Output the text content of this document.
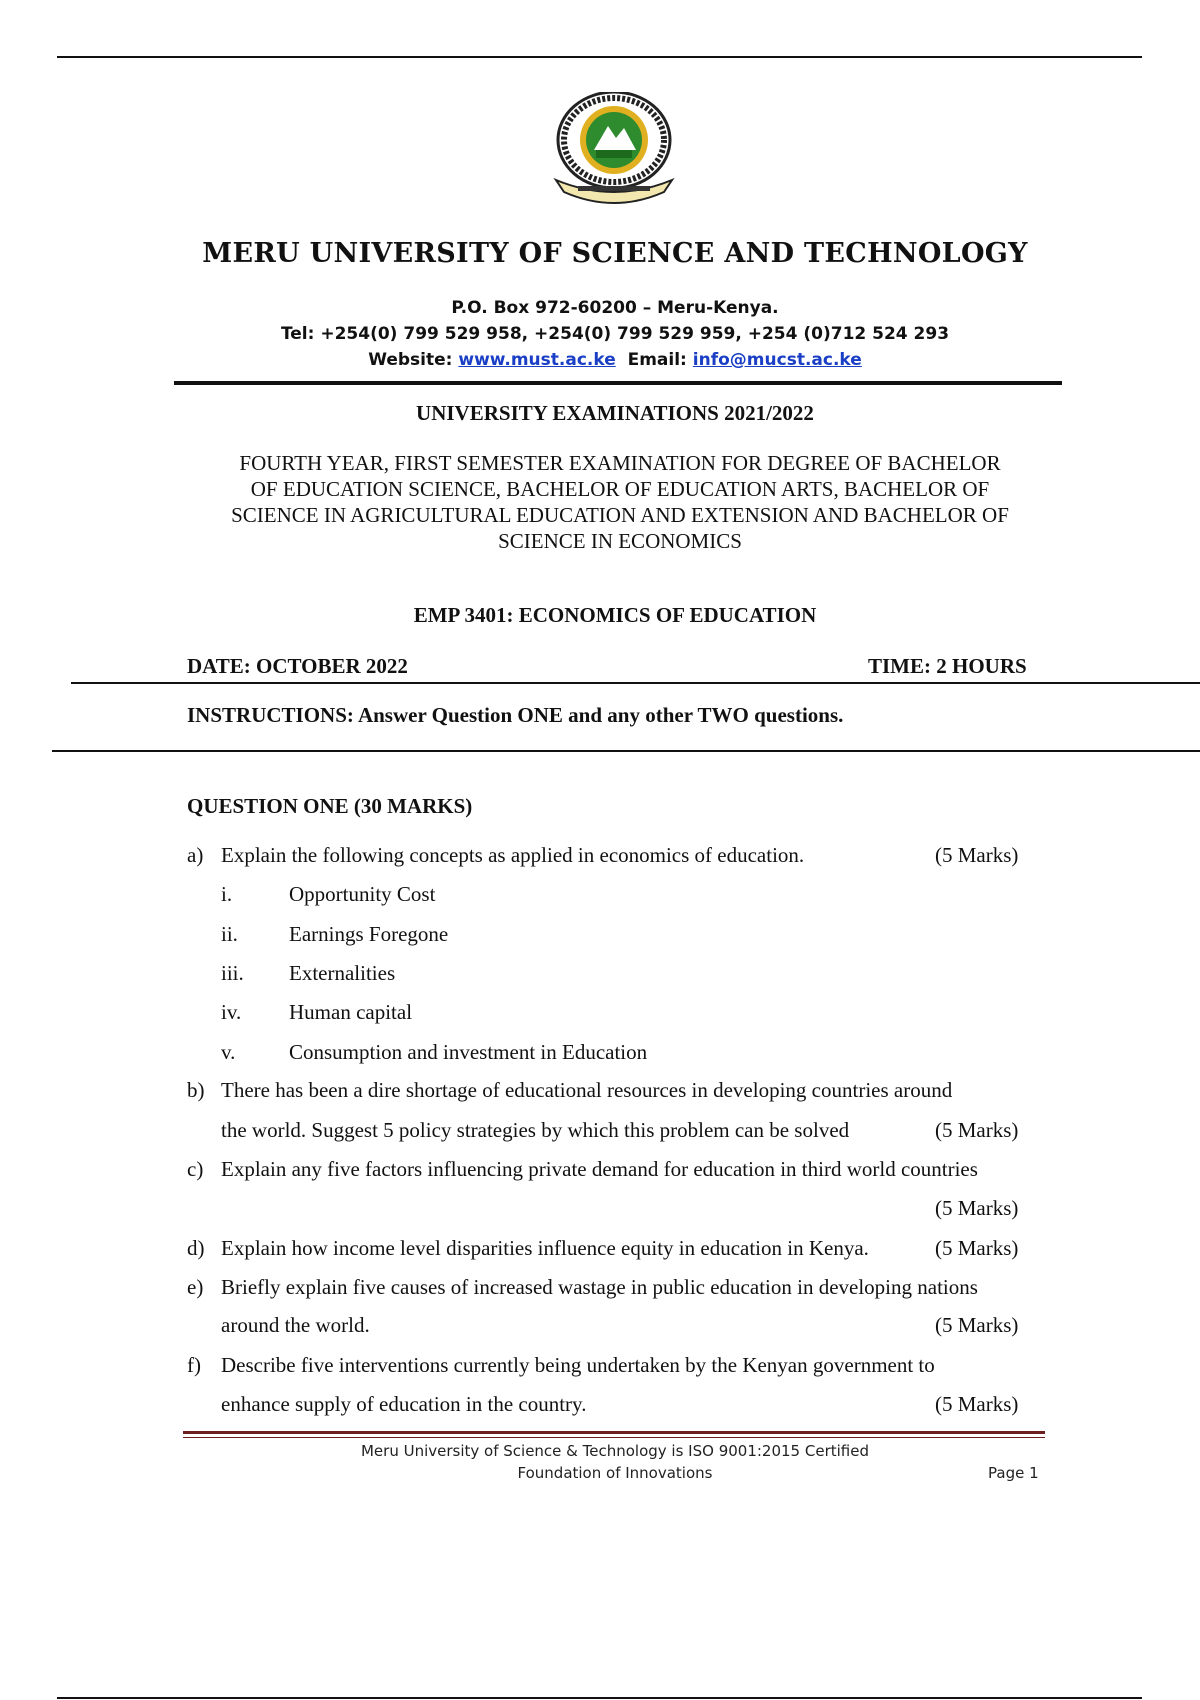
MERU UNIVERSITY OF SCIENCE AND TECHNOLOGY
P.O. Box 972-60200 – Meru-Kenya.
Tel: +254(0) 799 529 958, +254(0) 799 529 959, +254 (0)712 524 293
Website: www.must.ac.ke Email: info@mucst.ac.ke
UNIVERSITY EXAMINATIONS 2021/2022
FOURTH YEAR, FIRST SEMESTER EXAMINATION FOR DEGREE OF BACHELOR
OF EDUCATION SCIENCE, BACHELOR OF EDUCATION ARTS, BACHELOR OF
SCIENCE IN AGRICULTURAL EDUCATION AND EXTENSION AND BACHELOR OF
SCIENCE IN ECONOMICS
EMP 3401: ECONOMICS OF EDUCATION
DATE: OCTOBER 2022	TIME: 2 HOURS
INSTRUCTIONS: Answer Question ONE and any other TWO questions.
QUESTION ONE (30 MARKS)
a) Explain the following concepts as applied in economics of education.	(5 Marks)
i.	Opportunity Cost
ii. Earnings Foregone
iii. Externalities
iv. Human capital
v.	Consumption and investment in Education
b) There has been a dire shortage of educational resources in developing countries around
the world. Suggest 5 policy strategies by which this problem can be solved	(5 Marks)
c) Explain any five factors influencing private demand for education in third world countries
(5 Marks)
d) Explain how income level disparities influence equity in education in Kenya.	(5 Marks)
e) Briefly explain five causes of increased wastage in public education in developing nations
around the world.	(5 Marks)
f) Describe five interventions currently being undertaken by the Kenyan government to
enhance supply of education in the country.	(5 Marks)
Meru University of Science & Technology is ISO 9001:2015 Certified
Foundation of Innovations	Page 1
